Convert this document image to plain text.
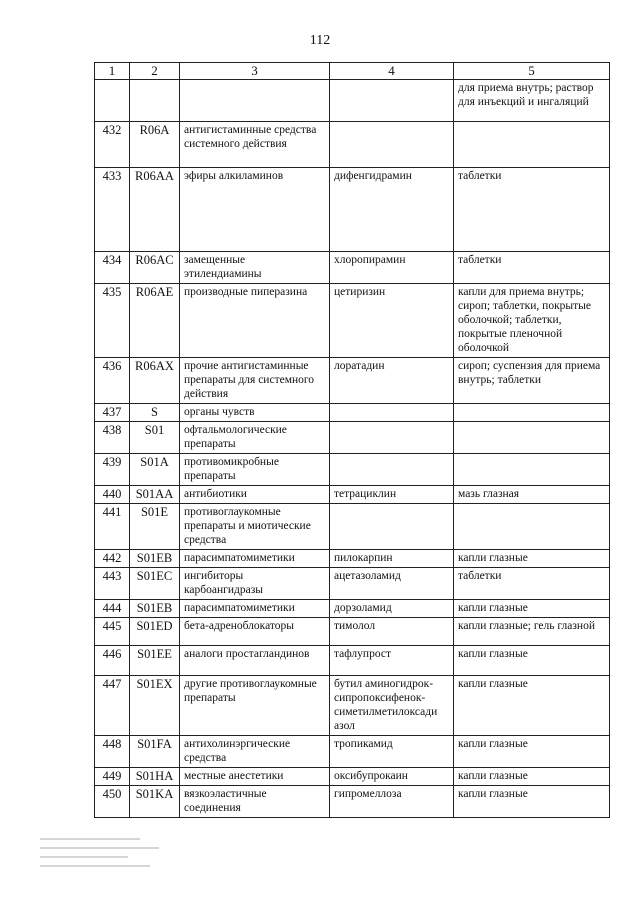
112
1	2	3	4	5
				для приема внутрь; раствор для инъекций и ингаляций
432	R06A	антигистаминные средства системного действия		
433	R06AA	эфиры алкиламинов	дифенгидрамин	таблетки
434	R06AC	замещенные этилендиамины	хлоропирамин	таблетки
435	R06AE	производные пиперазина	цетиризин	капли для приема внутрь; сироп; таблетки, покрытые оболочкой; таблетки, покрытые пленочной оболочкой
436	R06AX	прочие антигистаминные препараты для системного действия	лоратадин	сироп; суспензия для приема внутрь; таблетки
437	S	органы чувств		
438	S01	офтальмологические препараты		
439	S01A	противомикробные препараты		
440	S01AA	антибиотики	тетрациклин	мазь глазная
441	S01E	противоглаукомные препараты и миотические средства		
442	S01EB	парасимпатомиметики	пилокарпин	капли глазные
443	S01EC	ингибиторы карбоангидразы	ацетазоламид	таблетки
444	S01EB	парасимпатомиметики	дорзоламид	капли глазные
445	S01ED	бета-адреноблокаторы	тимолол	капли глазные; гель глазной
446	S01EE	аналоги простагландинов	тафлупрост	капли глазные
447	S01EX	другие противоглаукомные препараты	бутил аминогидрок-сипропоксифенок-симетилметилоксади азол	капли глазные
448	S01FA	антихолинэргические средства	тропикамид	капли глазные
449	S01HA	местные анестетики	оксибупрокаин	капли глазные
450	S01KA	вязкоэластичные соединения	гипромеллоза	капли глазные
